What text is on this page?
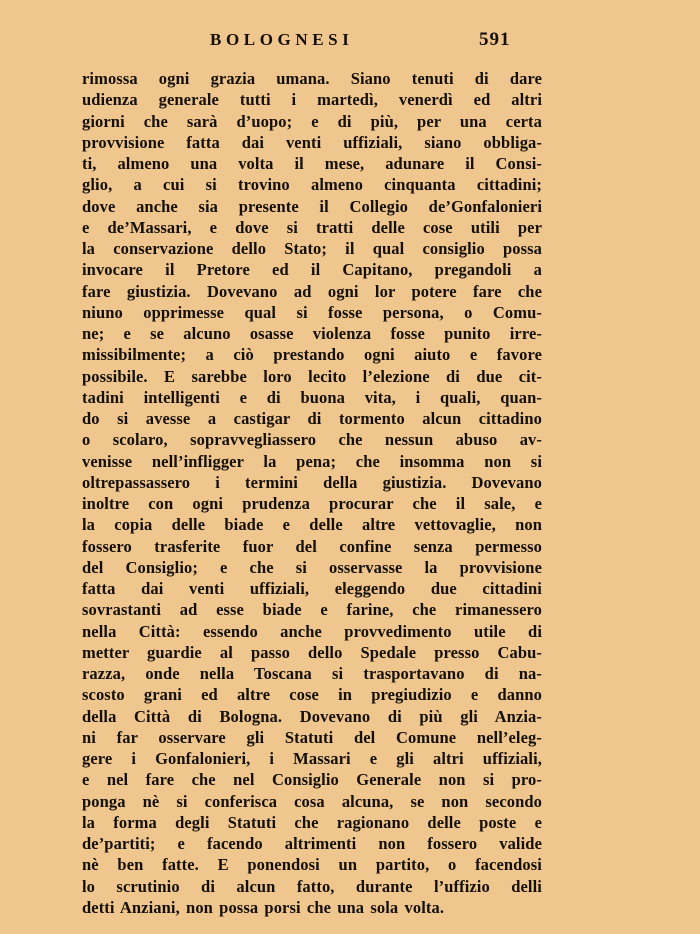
BOLOGNESI	591
rimossa ogni grazia umana. Siano tenuti di dare
udienza generale tutti i martedì, venerdì ed altri
giorni che sarà d’uopo; e di più, per una certa
provvisione fatta dai venti uffiziali, siano obbliga-
ti, almeno una volta il mese, adunare il Consi-
glio, a cui si trovino almeno cinquanta cittadini;
dove anche sia presente il Collegio de’Gonfalonieri
e de’Massari, e dove si tratti delle cose utili per
la conservazione dello Stato; il qual consiglio possa
invocare il Pretore ed il Capitano, pregandoli a
fare giustizia. Dovevano ad ogni lor potere fare che
niuno opprimesse qual si fosse persona, o Comu-
ne; e se alcuno osasse violenza fosse punito irre-
missibilmente; a ciò prestando ogni aiuto e favore
possibile. E sarebbe loro lecito l’elezione di due cit-
tadini intelligenti e di buona vita, i quali, quan-
do si avesse a castigar di tormento alcun cittadino
o scolaro, sopravvegliassero che nessun abuso av-
venisse nell’infligger la pena; che insomma non si
oltrepassassero i termini della giustizia. Dovevano
inoltre con ogni prudenza procurar che il sale, e
la copia delle biade e delle altre vettovaglie, non
fossero trasferite fuor del confine senza permesso
del Consiglio; e che si osservasse la provvisione
fatta dai venti uffiziali, eleggendo due cittadini
sovrastanti ad esse biade e farine, che rimanessero
nella Città: essendo anche provvedimento utile di
metter guardie al passo dello Spedale presso Cabu-
razza, onde nella Toscana si trasportavano di na-
scosto grani ed altre cose in pregiudizio e danno
della Città di Bologna. Dovevano di più gli Anzia-
ni far osservare gli Statuti del Comune nell’eleg-
gere i Gonfalonieri, i Massari e gli altri uffiziali,
e nel fare che nel Consiglio Generale non si pro-
ponga nè si conferisca cosa alcuna, se non secondo
la forma degli Statuti che ragionano delle poste e
de’partiti; e facendo altrimenti non fossero valide
nè ben fatte. E ponendosi un partito, o facendosi
lo scrutinio di alcun fatto, durante l’uffizio delli
detti Anziani, non possa porsi che una sola volta.
